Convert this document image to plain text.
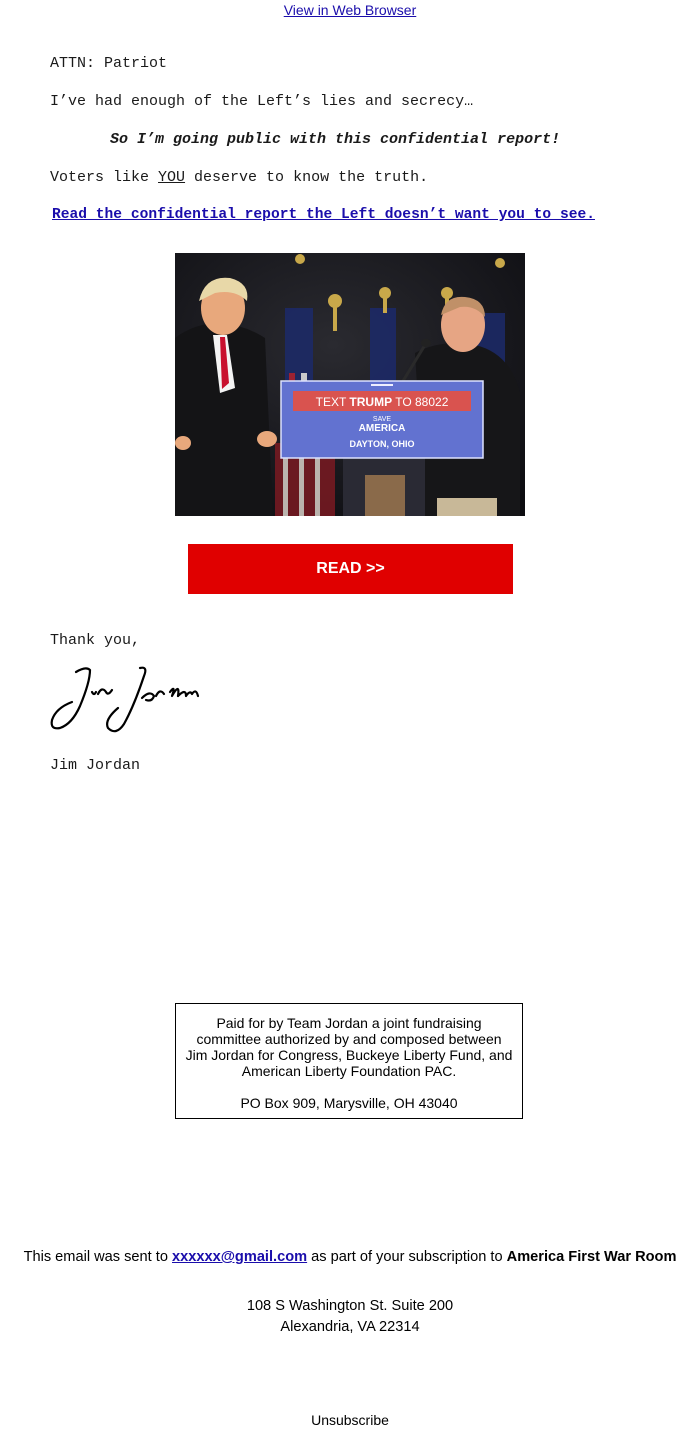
View in Web Browser
ATTN: Patriot
I’ve had enough of the Left’s lies and secrecy…
So I’m going public with this confidential report!
Voters like YOU deserve to know the truth.
Read the confidential report the Left doesn’t want you to see.
TEXT TRUMP TO 88022
SAVE
AMERICA
DAYTON, OHIO
READ >>
Thank you,
Jim Jordan
Paid for by Team Jordan a joint fundraising committee authorized by and composed between Jim Jordan for Congress, Buckeye Liberty Fund, and American Liberty Foundation PAC.
PO Box 909, Marysville, OH 43040
This email was sent to xxxxxx@gmail.com as part of your subscription to America First War Room
108 S Washington St. Suite 200
Alexandria, VA 22314
Unsubscribe
